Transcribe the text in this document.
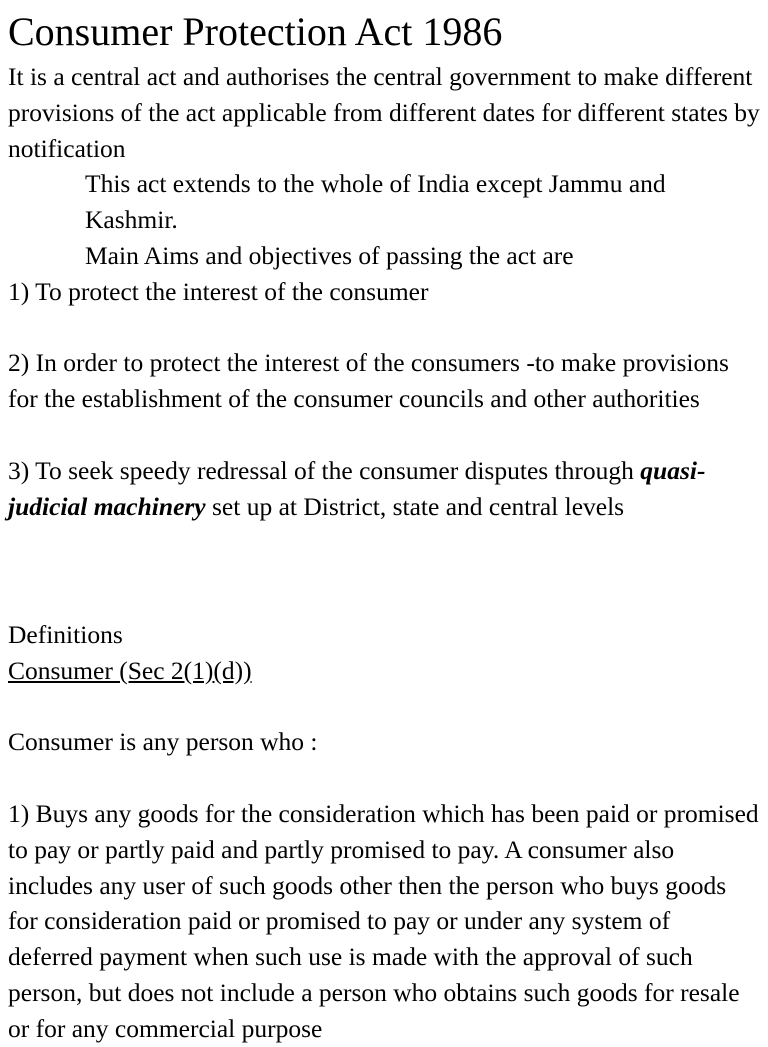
Consumer Protection Act 1986

It is a central act and authorises the central government to make different provisions of the act applicable from different dates for different states by notification

This act extends to the whole of India except Jammu and Kashmir.

Main Aims and objectives of passing the act are

1) To protect the interest of the consumer

2) In order to protect the interest of the consumers -to make provisions for the establishment of the consumer councils and other authorities

3) To seek speedy redressal of the consumer disputes through quasi-judicial machinery set up at District, state and central levels

Definitions

Consumer (Sec 2(1)(d))

Consumer is any person who :

1) Buys any goods for the consideration which has been paid or promised to pay or partly paid and partly promised to pay. A consumer also includes any user of such goods other then the person who buys goods for consideration paid or promised to pay or under any system of deferred payment when such use is made with the approval of such person, but does not include a person who obtains such goods for resale or for any commercial purpose
